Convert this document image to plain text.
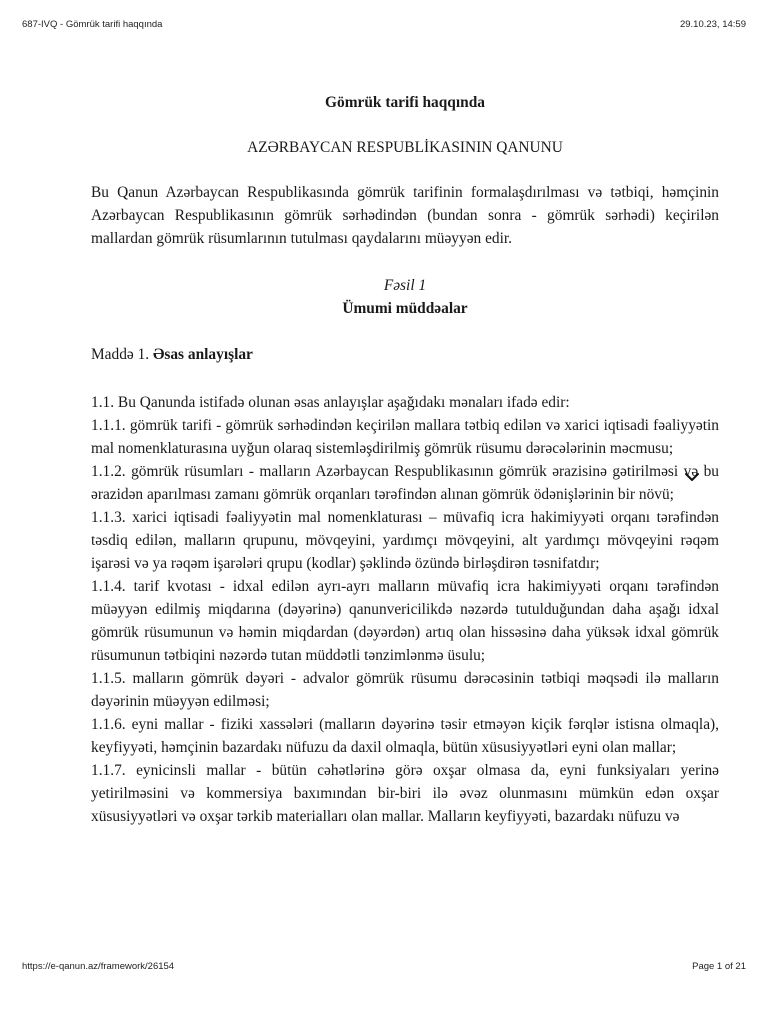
687-IVQ - Gömrük tarifi haqqında	29.10.23, 14:59
Gömrük tarifi haqqında

AZƏRBAYCAN RESPUBLİKASININ QANUNU

Bu Qanun Azərbaycan Respublikasında gömrük tarifinin formalaşdırılması və tətbiqi, həmçinin Azərbaycan Respublikasının gömrük sərhədindən (bundan sonra - gömrük sərhədi) keçirilən mallardan gömrük rüsumlarının tutulması qaydalarını müəyyən edir.

Fəsil 1

Ümumi müddəalar

Maddə 1. Əsas anlayışlar

1.1. Bu Qanunda istifadə olunan əsas anlayışlar aşağıdakı mənaları ifadə edir:

1.1.1. gömrük tarifi - gömrük sərhədindən keçirilən mallara tətbiq edilən və xarici iqtisadi fəaliyyətin mal nomenklaturasına uyğun olaraq sistemləşdirilmiş gömrük rüsumu dərəcələrinin məcmusu;

1.1.2. gömrük rüsumları - malların Azərbaycan Respublikasının gömrük ərazisinə gətirilməsi və bu ərazidən aparılması zamanı gömrük orqanları tərəfindən alınan gömrük ödənişlərinin bir növü;

1.1.3. xarici iqtisadi fəaliyyətin mal nomenklaturası – müvafiq icra hakimiyyəti orqanı tərəfindən təsdiq edilən, malların qrupunu, mövqeyini, yardımçı mövqeyini, alt yardımçı mövqeyini rəqəm işarəsi və ya rəqəm işarələri qrupu (kodlar) şəklində özündə birləşdirən təsnifatdır;

1.1.4. tarif kvotası - idxal edilən ayrı-ayrı malların müvafiq icra hakimiyyəti orqanı tərəfindən müəyyən edilmiş miqdarına (dəyərinə) qanunvericilikdə nəzərdə tutulduğundan daha aşağı idxal gömrük rüsumunun və həmin miqdardan (dəyərdən) artıq olan hissəsinə daha yüksək idxal gömrük rüsumunun tətbiqini nəzərdə tutan müddətli tənzimlənmə üsulu;

1.1.5. malların gömrük dəyəri - advalor gömrük rüsumu dərəcəsinin tətbiqi məqsədi ilə malların dəyərinin müəyyən edilməsi;

1.1.6. eyni mallar - fiziki xassələri (malların dəyərinə təsir etməyən kiçik fərqlər istisna olmaqla), keyfiyyəti, həmçinin bazardakı nüfuzu da daxil olmaqla, bütün xüsusiyyətləri eyni olan mallar;

1.1.7. eynicinsli mallar - bütün cəhətlərinə görə oxşar olmasa da, eyni funksiyaları yerinə yetirilməsini və kommersiya baxımından bir-biri ilə əvəz olunmasını mümkün edən oxşar xüsusiyyətləri və oxşar tərkib materialları olan mallar. Malların keyfiyyəti, bazardakı nüfuzu və

https://e-qanun.az/framework/26154	Page 1 of 21
